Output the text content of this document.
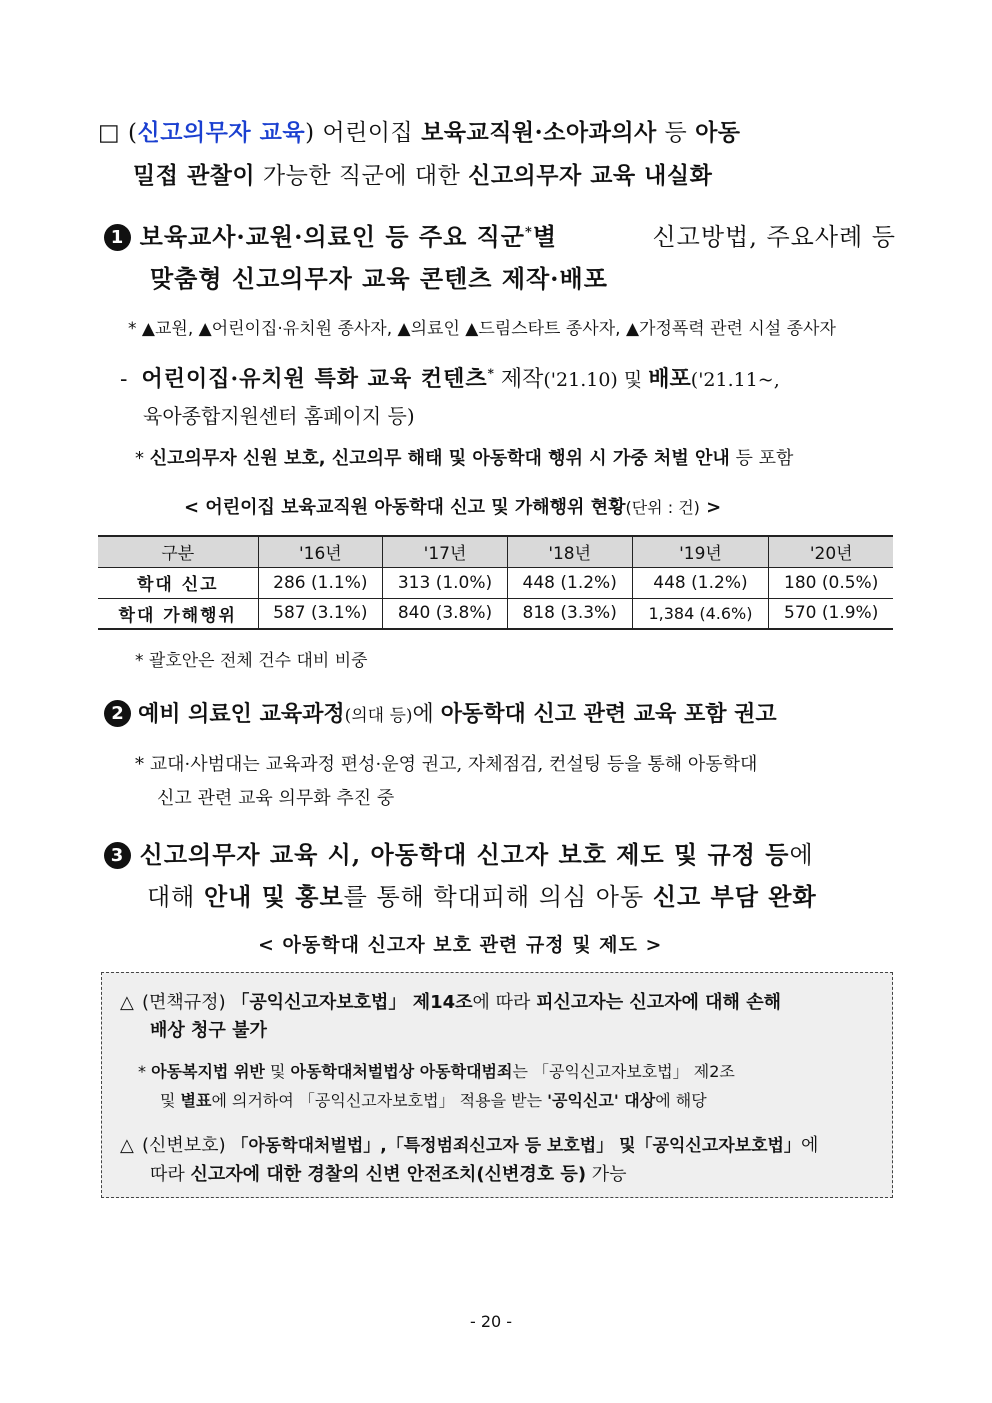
□ (신고의무자 교육) 어린이집 보육교직원·소아과의사 등 아동
밀접 관찰이 가능한 직군에 대한 신고의무자 교육 내실화
1 보육교사·교원·의료인 등 주요 직군*별	신고방법, 주요사례 등
맞춤형 신고의무자 교육 콘텐츠 제작·배포
* ▲교원, ▲어린이집·유치원 종사자, ▲의료인 ▲드림스타트 종사자, ▲가정폭력 관련 시설 종사자
- 어린이집·유치원 특화 교육 컨텐츠* 제작('21.10) 및 배포('21.11~,
육아종합지원센터 홈페이지 등)
* 신고의무자 신원 보호, 신고의무 해태 및 아동학대 행위 시 가중 처벌 안내 등 포함
< 어린이집 보육교직원 아동학대 신고 및 가해행위 현황(단위 : 건) >
구분	'16년	'17년	'18년	'19년	'20년
학대 신고	286 (1.1%)	313 (1.0%)	448 (1.2%)	448 (1.2%)	180 (0.5%)
학대 가해행위	587 (3.1%)	840 (3.8%)	818 (3.3%)	1,384 (4.6%)	570 (1.9%)
* 괄호안은 전체 건수 대비 비중
2 예비 의료인 교육과정(의대 등)에 아동학대 신고 관련 교육 포함 권고
* 교대·사범대는 교육과정 편성·운영 권고, 자체점검, 컨설팅 등을 통해 아동학대
신고 관련 교육 의무화 추진 중
3 신고의무자 교육 시, 아동학대 신고자 보호 제도 및 규정 등에
대해 안내 및 홍보를 통해 학대피해 의심 아동 신고 부담 완화
< 아동학대 신고자 보호 관련 규정 및 제도 >
△ (면책규정) 「공익신고자보호법」 제14조에 따라 피신고자는 신고자에 대해 손해
배상 청구 불가
* 아동복지법 위반 및 아동학대처벌법상 아동학대범죄는 「공익신고자보호법」 제2조
및 별표에 의거하여 「공익신고자보호법」 적용을 받는 '공익신고' 대상에 해당
△ (신변보호) 「아동학대처벌법」,「특정범죄신고자 등 보호법」 및「공익신고자보호법」에
따라 신고자에 대한 경찰의 신변 안전조치(신변경호 등) 가능
- 20 -
